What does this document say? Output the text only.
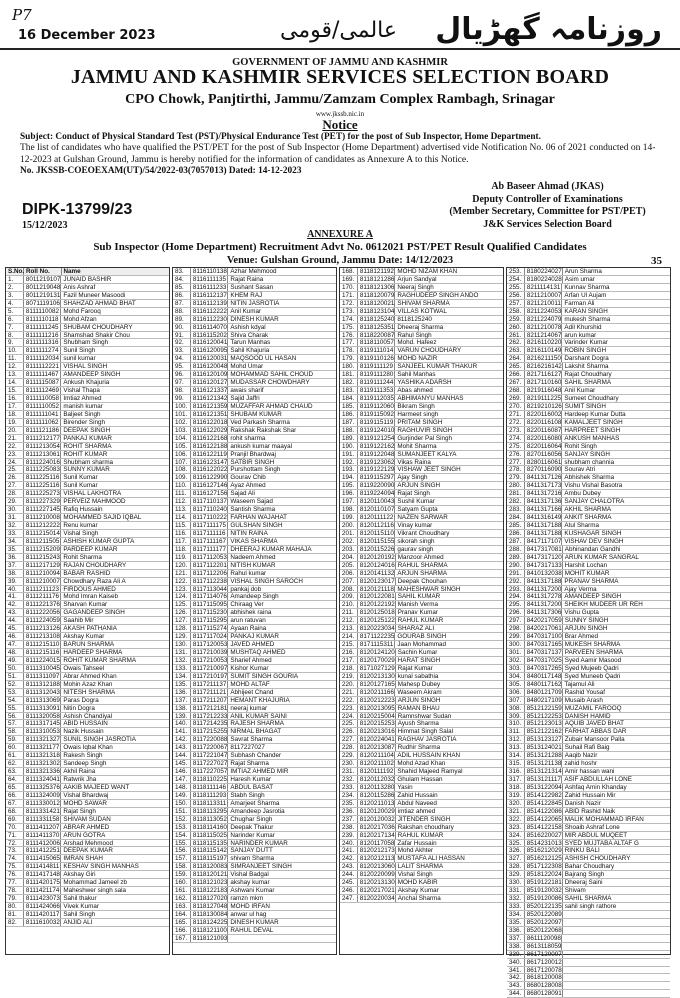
P7
16 December 2023	عالمی/قومی روزنامہ گھڑیال
GOVERNMENT OF JAMMU AND KASHMIR
JAMMU AND KASHMIR SERVICES SELECTION BOARD
CPO Chowk, Panjtirthi, Jammu/Zamzam Complex Rambagh, Srinagar
www.jkssb.nic.in
Notice
Subject: Conduct of Physical Standard Test (PST)/Physical Endurance Test (PET) for the post of Sub Inspector, Home Department.
The list of candidates who have qualified the PST/PET for the post of Sub Inspector (Home Department) advertised vide Notification No. 06 of 2021 conducted on 14-12-2023 at Gulshan Ground, Jammu is hereby notified for the information of candidates as Annexure A to this Notice.
No. JKSSB-COEOEXAM(UT)/54/2022-03(7057013) Dated: 14-12-2023
Ab Baseer Ahmad (JKAS)
Deputy Controller of Examinations
(Member Secretary, Committee for PST/PET)
J&K Services Selection Board
DIPK-13799/23
15/12/2023
ANNEXURE A
Sub Inspector (Home Department) Recruitment Advt No. 0612021 PST/PET Result Qualified Candidates
Venue: Gulshan Ground, Jammu Date: 14/12/2023	35
S.No. Roll No.	Name
1.	8011219107 JUNAID BASHIR
2.	8011219048 Anis Ashraf
3.	8011219131 Fazil Muneer Masoodi
4.	8071119106 SHAHZAD AHMAD BHAT
5.	8111110082 Mohd Farooq
6.	8111110118 Mohd Afzan
7.	8111111245 SHUBAM CHOUDHARY
8.	8111111216 Shamshad Shakir Chou
9.	8111111316 Shubham Singh
10.	8111111274 Sunil Singh
11.	8111112034 sunil kumar
12.	8111112221 VISHAL SINGH
13.	8111111467 AMANDEEP SINGH
14.	8111115087 Ankush Khajuria
15.	8111112469 Vishal Thapa
16.	8111110058 Imtiaz Ahmed
17.	8111110052 manish kumar
18.	8111111041 Baljeet Singh
19.	8111111062 Birender Singh
20.	8111121186 DEEPAK SINGH
21.	8111212177 PANKAJ KUMAR
22.	8111213054 ROHIT SHARMA
23.	8111213061 ROHIT KUMAR
24.	8111224016 Shubham sharma
25.	8111225083 SUNNY KUMAR
26.	8111225116 Sunil Kumar
27.	8111225116 Sunil Kumar
28.	8111225273 VISHAL LAKHOTRA
29.	8111227329 PERVEIZ MAHMOOD
30.	8111227145 Rafiq Hussain
31.	8111210008 MOHAMMED SAJID IQBAL
32.	8111212222 Renu kumar
33.	8111215014 Vishal Singh
34.	8111211505 ASHISH KUMAR GUPTA
35.	8111215209 PARDEEP KUMAR
36.	8111215243 Rohit Sharma
37.	8111217129 RAJAN CHOUDHARY
38.	8111210094 BABAR RASHID
39.	8111210007 Chowdhary Raza Ali A
40.	8111211123 FIRDOUS AHMED
41.	8111211176 Mohd Imran Kaiseb
42.	8111221376 Sharvan Kumar
43.	8111222056 GAGANDEEP SINGH
44.	8111224059 Saahib Mir
45.	8111213126 AKASH PATHANIA
46.	8111213108 Akshay Kumar
47.	8111215110 BARUN SHARMA
48.	8111215116 HARDEEP SHARMA
49.	8111224015 ROHIT KUMAR SHARMA
50.	8111310045 Owais Tahseel
51.	8111311097 Abrar Ahmed Khan
52.	8111312188 Mohin Azaz Khan
53.	8111312043 NITESH SHARMA
54.	8111313069 Paras Dogra
55.	8111313091 Nitin Dogra
56.	8111320058 Ashish Chandiyal
57.	8111317145 ABID HUSSAIN
58.	8111310053 Nazik Hussain
59.	8111321327 SUNIL SINGH JASROTIA
60.	8111321177 Owais Iqbal Khan
61.	8111321318 Rakesh Singh
62.	8111321302 Sandeep Singh
63.	8111321336 Akhil Raina
64.	8111324041 Ratwrik Jha
65.	8111325376 AAKIB MAJEED WANT
66.	8111324009 Vishal Bhardwaj
67.	8111330012 MOHD SAWAR
68.	8111331421 Rajat Singh
69.	8111331158 SHIVAM SUDAN
70.	8111411207 ABRAR AHMED
71.	8111411370 ARUN GOTRA
72.	8111412006 Arshad Mehmood
73.	8111412251 DEEPAK KUMAR
74.	8111415065 IMRAN SHAH
75.	8111414811 KESHAV SINGH MANHAS
76.	8111417148 Akshay Giri
77.	8111420175 Mohammad Jameel zb
78.	8111421174 Maheshwer singh sala
79.	8111423073 Sahil thakur
80.	8111424066 Vivek Kumar
81.	8111420117 Sahil Singh
82.	8111610032 ANJID ALI
83.	8116110138 Azhar Mehmood
84.	8116111135 Rajat Raina
85.	8116111233 Sushant Sasan
86.	8116112137 KHEM RAJ
87.	8116112139 NITIN JASROTIA
88.	8116112222 Anil Kumar
89.	8116112230 DINESH KUMAR
90.	8116114070 Ashish kdyal
91.	8116115202 Shiva Charak
92.	8116120041 Tarun Manhas
93.	8116120095 Sahil Khajuria
94.	8116120031 MAQSOOD UL HASAN
95.	8116120048 Mohd Umar
96.	8116120109 MOHAMMAD SAHIL CHOUD
97.	8116120127 MUDASSAR CHOWDHARY
98.	8116121337 awais sharif
99.	8116121342 Sajid Jaffri
100. 8116121359 MUZAFFAR AHMAD CHAUD
101. 8116121351 SHUBAM KUMAR
102. 8116122018 Ved Parkash Sharma
103. 8116122029 Rakshak Rakshak Shar
104. 8116122168 rohit sharma
105. 8116122188 ankush kumar maayal
106. 8116122119 Pranjil Bhardwaj
107. 8116123147 SATBIR SINGH
108. 8116122022 Purshottam Singh
109. 8116122990 Gourav Chib
110. 8116127146 Ayaz Ahmed
111.	8116127156 Sajad Ali
112. 8117110137 Waseem Sajad
113. 8117110240 Santish Sharma
114. 8117110222 FARHAN WAJAHAT
115. 8117111175 GULSHAN SINGH
116. 8117111116 NITIN RAINA
117. 8117111167 VIKAS SHARMA
118. 8117111177 DHEERAJ KUMAR MAHAJA
119. 8117112053 Nadeem Ahmed
120. 8117112201 NITISH KUMAR
121. 8117112206 Rahul kumar
122. 8117112238 VISHAL SINGH SAROCH
123. 8117113044 pankaj dob
124. 8117114076 Amandeep Singh
125. 8117115095 Chiraag Ver
126. 8117115230 abhishek raina
127. 8117115295 arun ratuvan
128. 8117115274 Ayaan Raina
129. 8117117024 PANKAJ KUMAR
130. 8117120053 JAVED AHMED
131. 8117210039 MUSHTAQ AHMED
132. 8117210053 Sharief Ahmed
133. 8117210097 Kishor Kumar
134. 8117210197 SUMIT SINGH GOURIA
135. 8117211137 MOHD ALTAF
136. 8117211121 Abhijeet Chand
137. 8117211207 HEMANT KHAJURIA
138. 8117212181 neeraj kumar
139. 8117212233 ANIL KUMAR SAINI
140. 8117214235 RAJESH SHARMA
141. 8117215255 NIRMAL BHAGAT
142. 8117220088 Savrat Sharma
143. 8117220067 8117227027
144. 8117221047 Subhash Chander
145. 8117227027 Rajat Sharma
146. 8117227057 IMTIAZ AHMED MIR
147. 8118110225 Haresh Kumar
148. 8118111146 ABDUL BASAT
149. 8118111293 Stabh Singh
150. 8118113311 Amarjeet Sharma
151. 8118113295 Amandeep Jasrotia
152. 8118113052 Chughar Singh
153. 8118114160 Deepak Thakur
154. 8118115025 Narinder Kumar
155. 8118115135 NARINDER KUMAR
156. 8118115142 SANJAY DUTT
157. 8118115197 shivam Sharma
158. 8118120083 SIMRANJEET SINGH
159. 8118120121 Vishal Badgal
160. 8118121023 akshay kumar
161. 8118122183 Ashwani Kumar
162. 8118127020 ramzn mkm
163. 8118127048 MOHD IRFAN
164. 8118130084 anwar ul hag
165. 8118124225 DINESH KUMAR
166. 8118121100 RAHUL DEVAL
167. 8118121093
168. 8118121192 MOHD NIZAM KHAN
169. 8118121286 Arjun Sandyal
170. 8118121306 Neeraj Singh
171. 8118120079 RAGHUDEEP SINGH ANDO
172. 8118120021 SHIVAM SHARMA
173. 8118123104 VILLAS KOTWAL
174. 8118125240 8118125240
175. 8118125351 Dheeraj Sharma
176. 8118220087 Rahul Singh
177. 8118110057 Mohd. Hafeez
178. 8119111014 VARUN CHOUDHARY
179. 8119110126 MOHD NAZIR
180. 8119111129 SANJEEL KUMAR THAKUR
181. 8119111280 Sahil Manhas
182. 8119111244 YASHIKA ADARSH
183. 8119111353 Abas ahmed
184. 8119112035 ABHIMANYU MANHAS
185. 8119112060 Bikram Singh
186. 8119115092 Harmeet singh
187. 8119115119 PRITAM SINGH
188. 8119124010 RAGHUVIR SINGH
189. 8119121254 Gurjinder Pal Singh
190. 8119122162 Mohit Sharma
191. 8119122048 SUMANJEET KALYA
192. 8119123062 Vikas Raina
193. 8119122129 VISHAW JEET SINGH
194. 8119115297 Ajay Singh
195. 8119220090 ARJUN SINGH
196. 8119224094 Rajat Singh
197. 8120110043 Sushil Kumar
198. 8120110107 Satyam Gupta
199. 8120111122 NAZEN SARWAR
200. 8120112116 Vinay kumar
201. 8120115110 Vikrant Choudhary
202. 8120115155 sikorah singh
203. 8120115226 gaurav singh
204. 8120120192 Manzoor Ahmed
205. 8120124016 RAHUL SHARMA
206. 8120141132 ARJUN SHARMA
207. 8120123017 Deepak Chouhan
208. 8120121118 MAHESHWAR SINGH
209. 8120122081 SAHIL KUMAR
210. 8120122192 Manish Verma
211. 8120125018 Pranav Kumar
212. 8120125122 RAHUL KUMAR
213. 8120223034 SHARAZ ALI
214. 8171122235 GOURAB SINGH
215. 8171115311 Jaan Mohammad
216. 8120124120 Sachin Kumar
217. 8120170029 HARAT SINGH
218. 8171027129 Rajat Kumar
219. 8120213130 kunal sabathia
220. 8120127165 Mahesp Dubey
221. 8120211166 Waseem Akram
222. 8120212223 ARJUN SINGH
223. 8120213095 RAMAN BHAU
224. 8120215004 Ramnshwar Sudan
225. 8120215253 Ayush Sharma
226. 8120213016 Himmat Singh Salal
227. 8120224041 RAGHAV JASROTIA
228. 8120213087 Rudhir Sharma
229. 8120211104 ADIL HUSSAIN KHAN
230. 8120211102 Mohd Azad Khan
231. 8120111192 Shahid Majeed Ramyal
232. 8120112032 Ghulam Hassan
233. 8120113280 Yasin
234. 8120115286 Zahid Hussain
235. 8120211013 Abdul Naveed
236. 8120120029 imtiaz ahmed
237. 8120120032 JITENDER SINGH
238. 8120217036 Rakshan choudhary
239. 8120217134 RAHUL KUMAR
240. 8120117058 Zafar Hussain
241. 8120212173 Mohd Akhter
242. 8120212113 MUSTAFA ALI HASSAN
243. 8120213060 LALIT SHARMA
244. 8120220099 Vishal Singh
245. 8120213130 MOHD KABIR
246. 8120217021 Akshay Kumar
247. 8120220034 Anchal Sharma
253. 8180224027 Arun Sharma
254. 8180224028 Asim umar
255. 8211114131 Kunnav Sharma
256. 8211210007 Arfan Ul Aujam
257. 8211210011 Farman Ali
258. 8211224053 KARAN SINGH
259. 8211224079 mukesh Sharma
260. 8211210078 Adil Khurshid
261. 8211214067 arun kumar
262. 8216110220 Varinder Kumar
263. 8216110149 ROBIN SINGH
264. 8216211150 Darshant Dogra
265. 8216216142 Lakshit Sharma
266. 8217116127 Rajat Choudhary
267. 8217110160 SAHIL SHARMA
268. 8219116048 Anil Kumar
269. 8219111225 Sumeet Choudhary
270. 8219210126 SUMIT SINGH
271. 8220116002 Hardeep Kumar Dutta
272. 8220116108 KAMALJEET SINGH
273. 8220116087 HARPREET SINGH
274. 8220116080 ANKUSH MANHAS
275. 8220116064 Rohit Singh
276. 8270116056 SANJAY SINGH
277. 8280116061 shubham channia
278. 8270116090 Sourav Atri
279. 8411317126 Abhishek Sharma
280. 8411317173 Vishu Vishal Basotra
281. 8411317216 Ambu Dubey
282. 8411317136 SANJAY CHALOTRA
283. 8411317166 AKHIL SHARMA
284. 8411316149 ANKIT SHARMA
285. 8411317188 Atul Sharma
286. 8411317188 KUSHAGAR SINGH
287. 8417117107 VISHAV DEV SINGH
288. 8417317081 Abhinandan Gandhi
289. 8417317120 ARUN KUMAR SANGRAL
290. 8417317133 Harshit Lochan
291. 8410132038 MOHIT KUMAR
292. 8411317188 PRANAV SHARMA
293. 8411317200 Ajay Verma
294. 8411317278 AMANDEEP SINGH
295. 8411317200 SHEIKH MUDEER UR REH
296. 8411317306 Vishu Gupta
297. 8420217059 SUNNY SINGH
298. 8420217061 ARJUN SINGH
299. 8470317100 Brar Ahmed
300. 8470317165 MUKESH SHARMA
301. 8470317137 PARVEEN SHARMA
302. 8470317025 Syed Aamir Masood
303. 8470317265 Syed Mujeeb Qadri
304. 8480117148 Syed Muneeb Qadri
305. 8480117162 Tajamul Ali
306. 8480121709 Rashid Yousaf
307. 8480217109 Musaib Arash
308. 8512122159 MUZAMIL FAROOQ
309. 8512122253 DANISH HAMID
310. 8512123013 AQUIB JAVED BHAT
311. 8512122162 FARHAT ABBAS DAR
312. 8513123127 Zubair Mansoor Palla
313. 8513124021 Suhail Rafi Baig
314. 8513121288 Aaqib Nazir
315. 8513121138 zahid hoshr
316. 8513121314 Amir hassan wani
317. 8513121117 ASIF ABDULLAH LONE
318. 8513122094 Ashfaq Amin Khanday
319. 8514122982 Zahid Hussain Mir
320. 8514122845 Danish Nazir
321. 8514122086 ABID Rashid Naik
322. 8514122065 MALIK MOHAMMAD IRFAN
323. 8514122158 Shoaib Ashraf Lone
324. 8516220027 MIR ABDUL MUQEET
325. 8514231013 SYED MUJTABA ALTAF G
326. 8516212029 RINKU BALI
327. 8516212125 ASHISH CHOUDHARY
328. 8517122308 Bahar Choudhary
329. 8518122024 Bajrang Singh
330. 8519122181 Dheeraj Saini
331. 8519120032 Shivam
332. 8519120086 SAHIL SHARMA
333. 8520122135 sahil singh rathore
334. 8520122089
335. 8520122097
336. 8520122068
337. 8611120098
338. 8613118059
339. 8617120007
340. 8617120012
341. 8617120078
342. 8618120008
343. 8680128008
344. 8680128091
